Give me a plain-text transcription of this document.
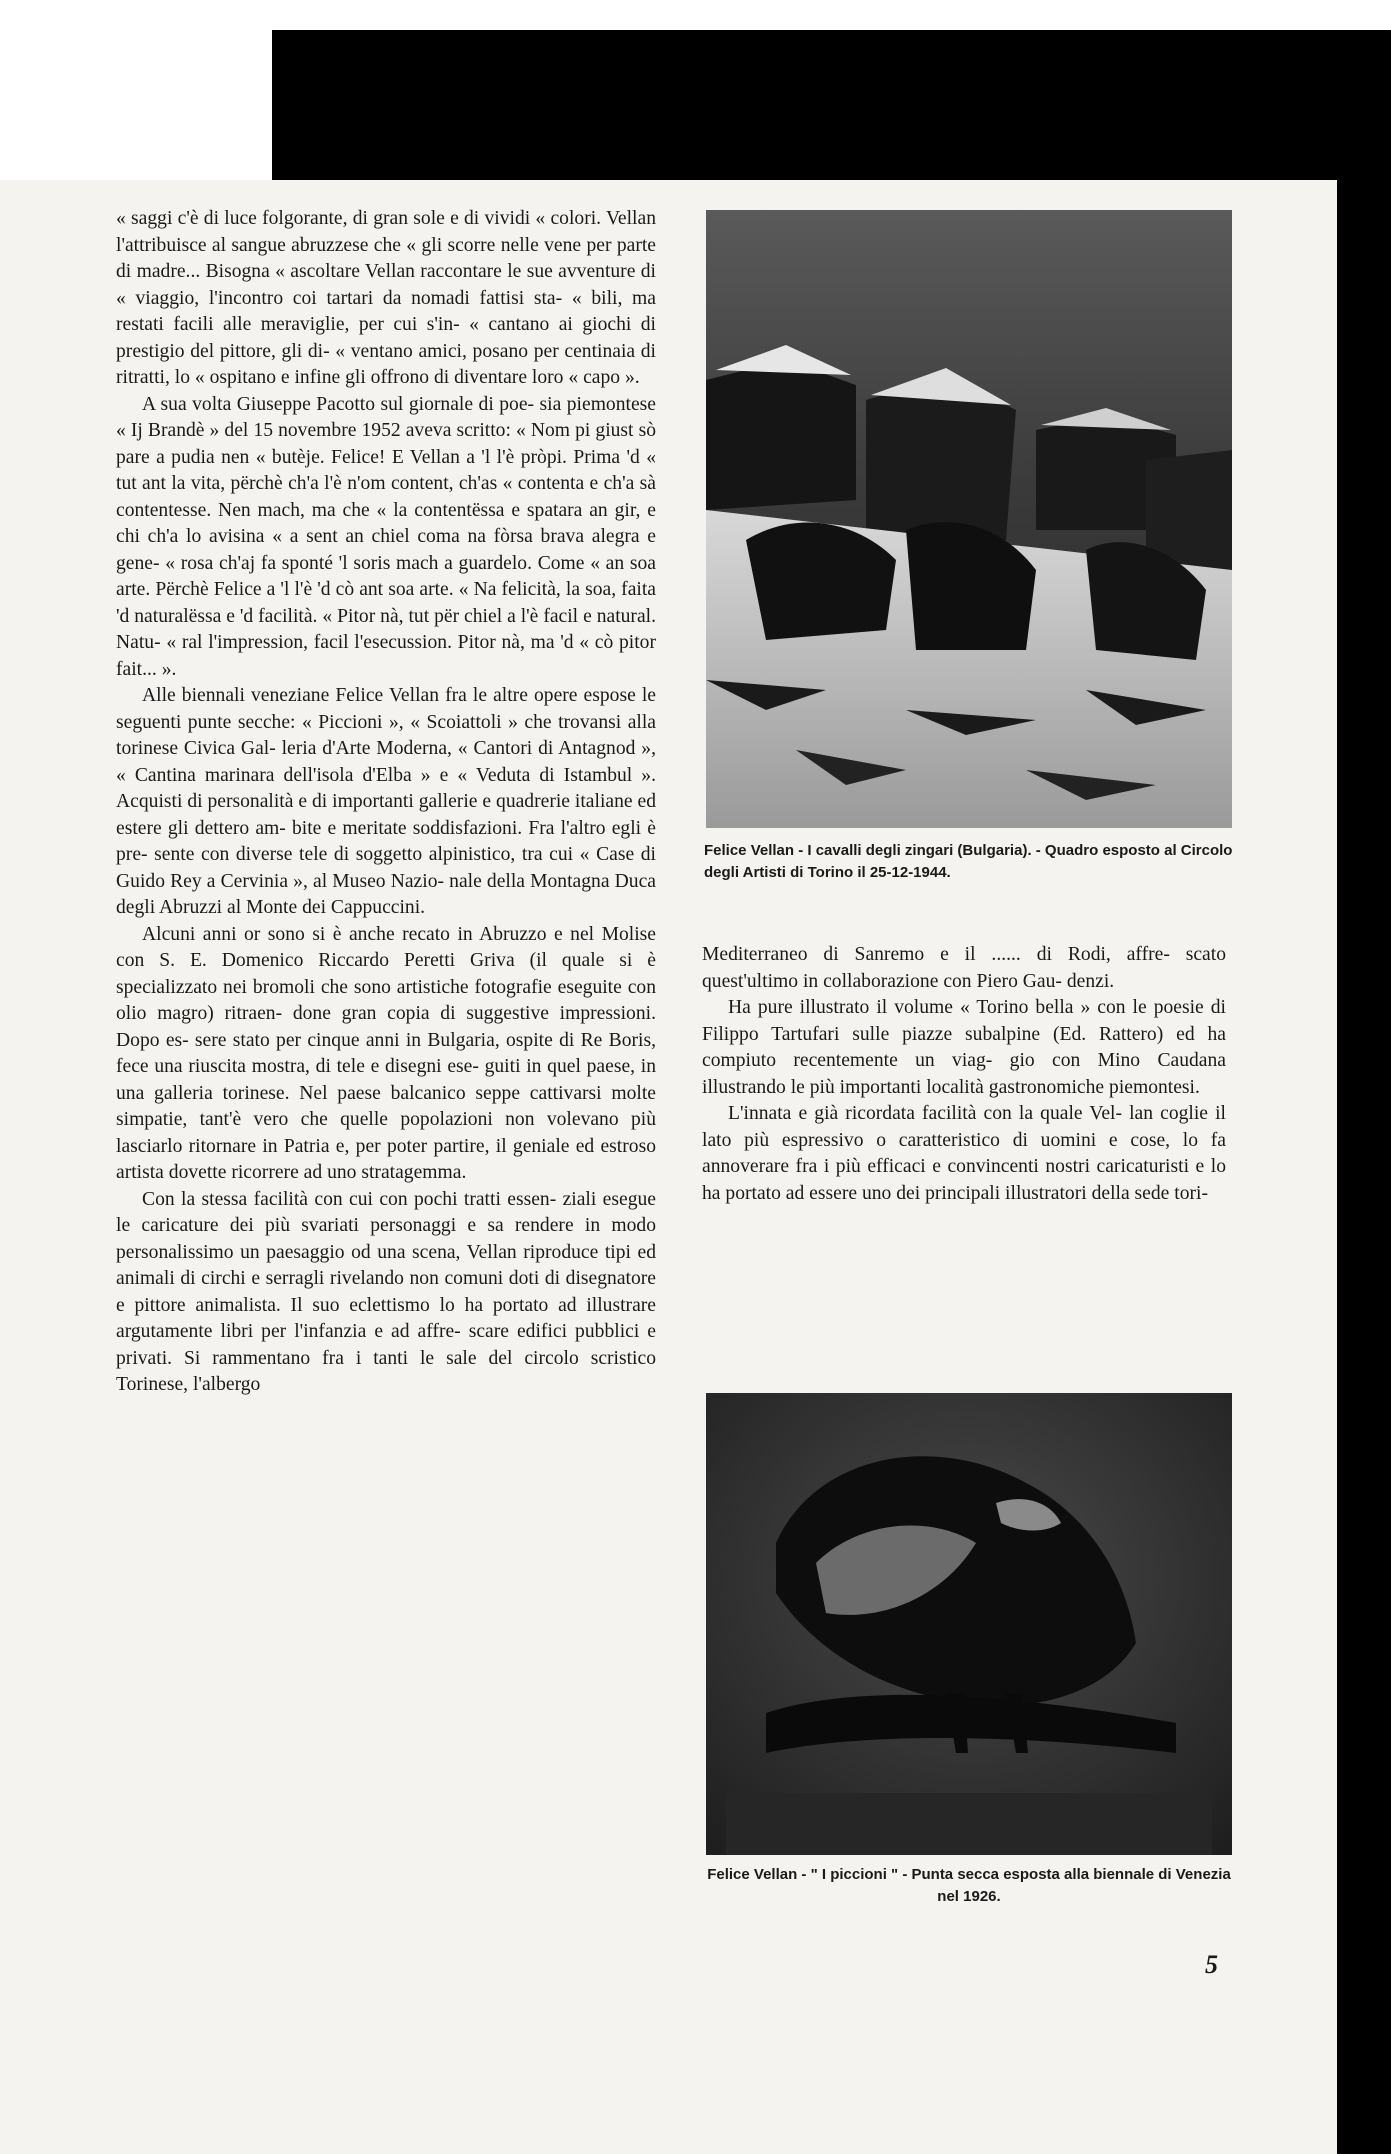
« saggi c'è di luce folgorante, di gran sole e di vividi « colori. Vellan l'attribuisce al sangue abruzzese che « gli scorre nelle vene per parte di madre... Bisogna « ascoltare Vellan raccontare le sue avventure di « viaggio, l'incontro coi tartari da nomadi fattisi sta- « bili, ma restati facili alle meraviglie, per cui s'in- « cantano ai giochi di prestigio del pittore, gli di- « ventano amici, posano per centinaia di ritratti, lo « ospitano e infine gli offrono di diventare loro « capo ».

A sua volta Giuseppe Pacotto sul giornale di poe- sia piemontese « Ij Brandè » del 15 novembre 1952 aveva scritto: « Nom pi giust sò pare a pudia nen « butèje. Felice! E Vellan a 'l l'è pròpi. Prima 'd « tut ant la vita, përchè ch'a l'è n'om content, ch'as « contenta e ch'a sà contentesse. Nen mach, ma che « la contentëssa e spatara an gir, e chi ch'a lo avisina « a sent an chiel coma na fòrsa brava alegra e gene- « rosa ch'aj fa sponté 'l soris mach a guardelo. Come « an soa arte. Përchè Felice a 'l l'è 'd cò ant soa arte. « Na felicità, la soa, faita 'd naturalëssa e 'd facilità. « Pitor nà, tut për chiel a l'è facil e natural. Natu- « ral l'impression, facil l'esecussion. Pitor nà, ma 'd « cò pitor fait... ».

Alle biennali veneziane Felice Vellan fra le altre opere espose le seguenti punte secche: « Piccioni », « Scoiattoli » che trovansi alla torinese Civica Gal- leria d'Arte Moderna, « Cantori di Antagnod », « Cantina marinara dell'isola d'Elba » e « Veduta di Istambul ». Acquisti di personalità e di importanti gallerie e quadrerie italiane ed estere gli dettero am- bite e meritate soddisfazioni. Fra l'altro egli è pre- sente con diverse tele di soggetto alpinistico, tra cui « Case di Guido Rey a Cervinia », al Museo Nazio- nale della Montagna Duca degli Abruzzi al Monte dei Cappuccini.

Alcuni anni or sono si è anche recato in Abruzzo e nel Molise con S. E. Domenico Riccardo Peretti Griva (il quale si è specializzato nei bromoli che sono artistiche fotografie eseguite con olio magro) ritraen- done gran copia di suggestive impressioni. Dopo es- sere stato per cinque anni in Bulgaria, ospite di Re Boris, fece una riuscita mostra, di tele e disegni ese- guiti in quel paese, in una galleria torinese. Nel paese balcanico seppe cattivarsi molte simpatie, tant'è vero che quelle popolazioni non volevano più lasciarlo ritornare in Patria e, per poter partire, il geniale ed estroso artista dovette ricorrere ad uno stratagemma.

Con la stessa facilità con cui con pochi tratti essen- ziali esegue le caricature dei più svariati personaggi e sa rendere in modo personalissimo un paesaggio od una scena, Vellan riproduce tipi ed animali di circhi e serragli rivelando non comuni doti di disegnatore e pittore animalista. Il suo eclettismo lo ha portato ad illustrare argutamente libri per l'infanzia e ad affre- scare edifici pubblici e privati. Si rammentano fra i tanti le sale del circolo scristico Torinese, l'albergo

Felice Vellan - I cavalli degli zingari (Bulgaria). - Quadro esposto al Circolo degli Artisti di Torino il 25-12-1944.

Mediterraneo di Sanremo e il ...... di Rodi, affre- scato quest'ultimo in collaborazione con Piero Gau- denzi.

Ha pure illustrato il volume « Torino bella » con le poesie di Filippo Tartufari sulle piazze subalpine (Ed. Rattero) ed ha compiuto recentemente un viag- gio con Mino Caudana illustrando le più importanti località gastronomiche piemontesi.

L'innata e già ricordata facilità con la quale Vel- lan coglie il lato più espressivo o caratteristico di uomini e cose, lo fa annoverare fra i più efficaci e convincenti nostri caricaturisti e lo ha portato ad essere uno dei principali illustratori della sede tori-

Felice Vellan - " I piccioni " - Punta secca esposta alla biennale di Venezia nel 1926.
5
